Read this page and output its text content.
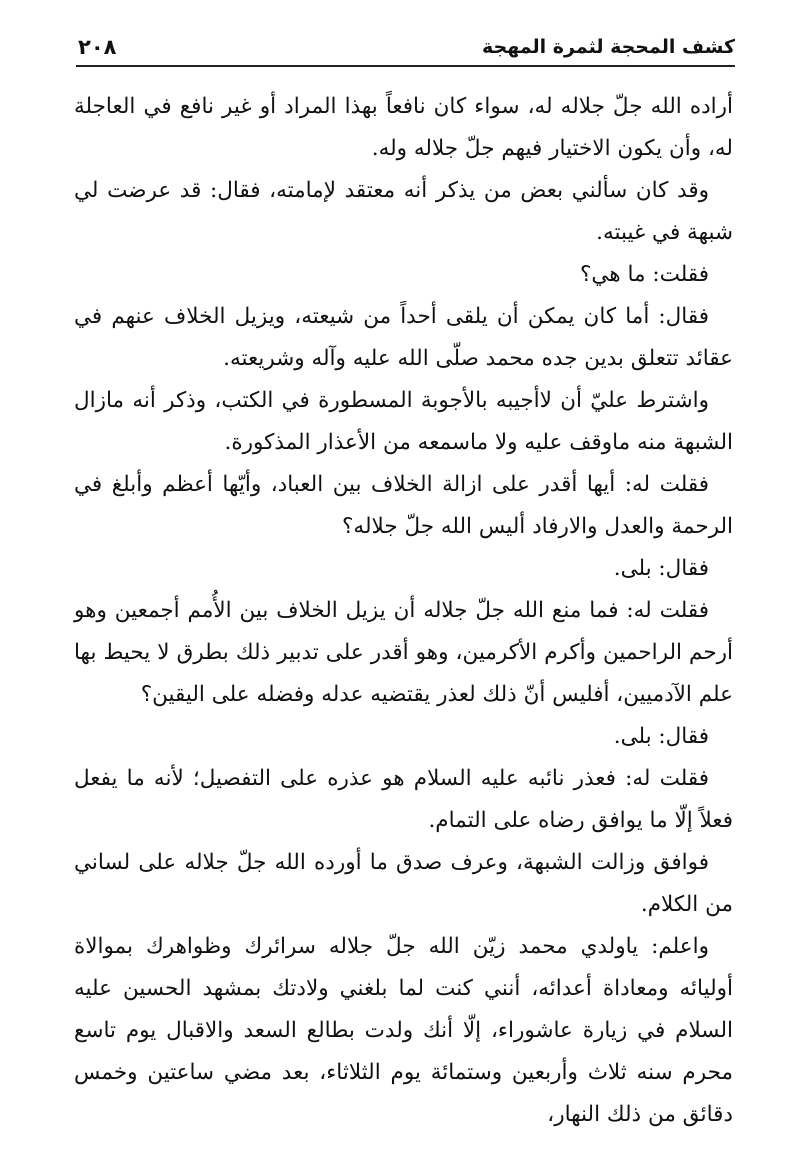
كشف المحجة لثمرة المهجة
٢٠٨

أراده الله جلّ جلاله له، سواء كان نافعاً بهذا المراد أو غير نافع في العاجلة له، وأن يكون الاختيار فيهم جلّ جلاله وله.

وقد كان سألني بعض من يذكر أنه معتقد لإمامته، فقال: قد عرضت لي شبهة في غيبته.

فقلت: ما هي؟

فقال: أما كان يمكن أن يلقى أحداً من شيعته، ويزيل الخلاف عنهم في عقائد تتعلق بدين جده محمد صلّى الله عليه وآله وشريعته.

واشترط عليّ أن لاأجيبه بالأجوبة المسطورة في الكتب، وذكر أنه مازال الشبهة منه ماوقف عليه ولا ماسمعه من الأعذار المذكورة.

فقلت له: أيها أقدر على ازالة الخلاف بين العباد، وأيّها أعظم وأبلغ في الرحمة والعدل والارفاد أليس الله جلّ جلاله؟

فقال: بلى.

فقلت له: فما منع الله جلّ جلاله أن يزيل الخلاف بين الأُمم أجمعين وهو أرحم الراحمين وأكرم الأكرمين، وهو أقدر على تدبير ذلك بطرق لا يحيط بها علم الآدميين، أفليس أنّ ذلك لعذر يقتضيه عدله وفضله على اليقين؟

فقال: بلى.

فقلت له: فعذر نائبه عليه السلام هو عذره على التفصيل؛ لأنه ما يفعل فعلاً إلّا ما يوافق رضاه على التمام.

فوافق وزالت الشبهة، وعرف صدق ما أورده الله جلّ جلاله على لساني من الكلام.

واعلم: ياولدي محمد زيّن الله جلّ جلاله سرائرك وظواهرك بموالاة أوليائه ومعاداة أعدائه، أنني كنت لما بلغني ولادتك بمشهد الحسين عليه السلام في زيارة عاشوراء، إلّا أنك ولدت بطالع السعد والاقبال يوم تاسع محرم سنه ثلاث وأربعين وستمائة يوم الثلاثاء، بعد مضي ساعتين وخمس دقائق من ذلك النهار،
